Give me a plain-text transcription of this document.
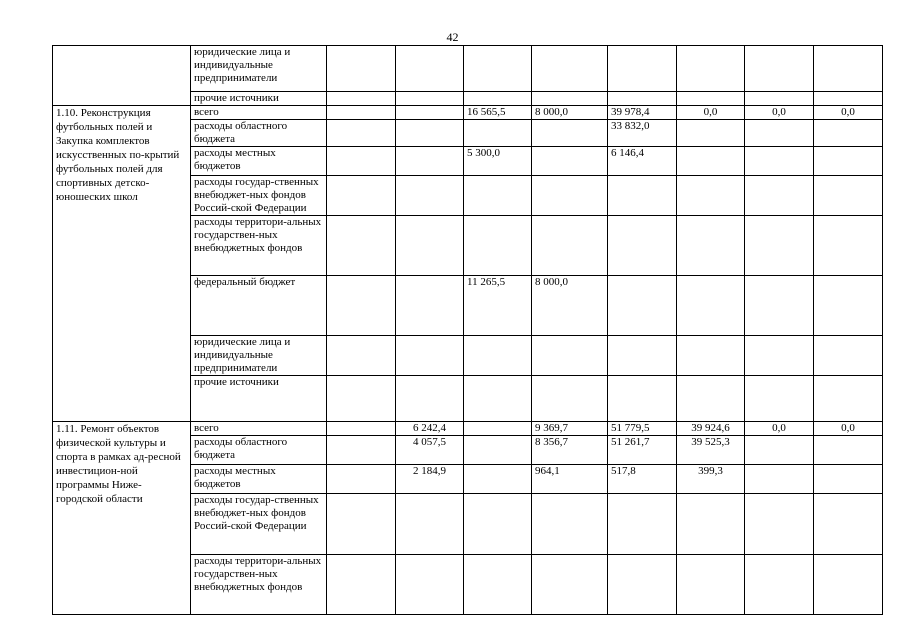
42
	юридические лица и индивидуальные предприниматели								
	прочие источники								
1.10. Реконструкция футбольных полей и Закупка комплектов искусственных по-крытий футбольных полей для спортивных детско-юношеских школ	всего			16 565,5	8 000,0	39 978,4	0,0	0,0	0,0
	расходы областного бюджета					33 832,0			
	расходы местных бюджетов			5 300,0		6 146,4			
	расходы государ-ственных внебюджет-ных фондов Россий-ской Федерации								
	расходы территори-альных государствен-ных внебюджетных фондов								
	федеральный бюджет			11 265,5	8 000,0				
	юридические лица и индивидуальные предприниматели								
	прочие источники								
1.11. Ремонт объектов физической культуры и спорта в рамках ад-ресной инвестицион-ной программы Ниже-городской области	всего		6 242,4		9 369,7	51 779,5	39 924,6	0,0	0,0
	расходы областного бюджета		4 057,5		8 356,7	51 261,7	39 525,3		
	расходы местных бюджетов		2 184,9		964,1	517,8	399,3		
	расходы государ-ственных внебюджет-ных фондов Россий-ской Федерации								
	расходы территори-альных государствен-ных внебюджетных фондов								
